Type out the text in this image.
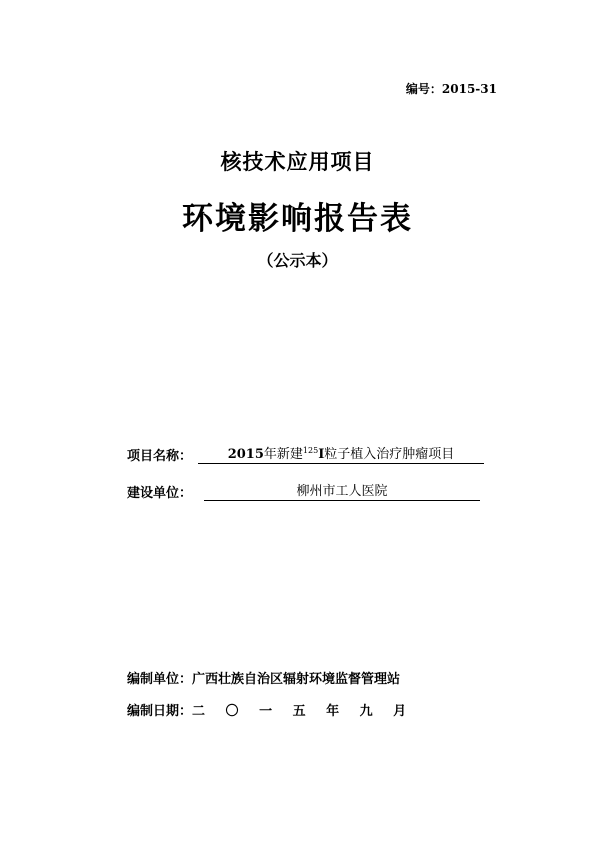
编号：2015-31
核技术应用项目
环境影响报告表
（公示本）
项目名称：	2015年新建$^{125}$I粒子植入治疗肿瘤项目
建设单位：	柳州市工人医院
编制单位：广西壮族自治区辐射环境监督管理站
编制日期：二 〇 一 五 年 九 月
